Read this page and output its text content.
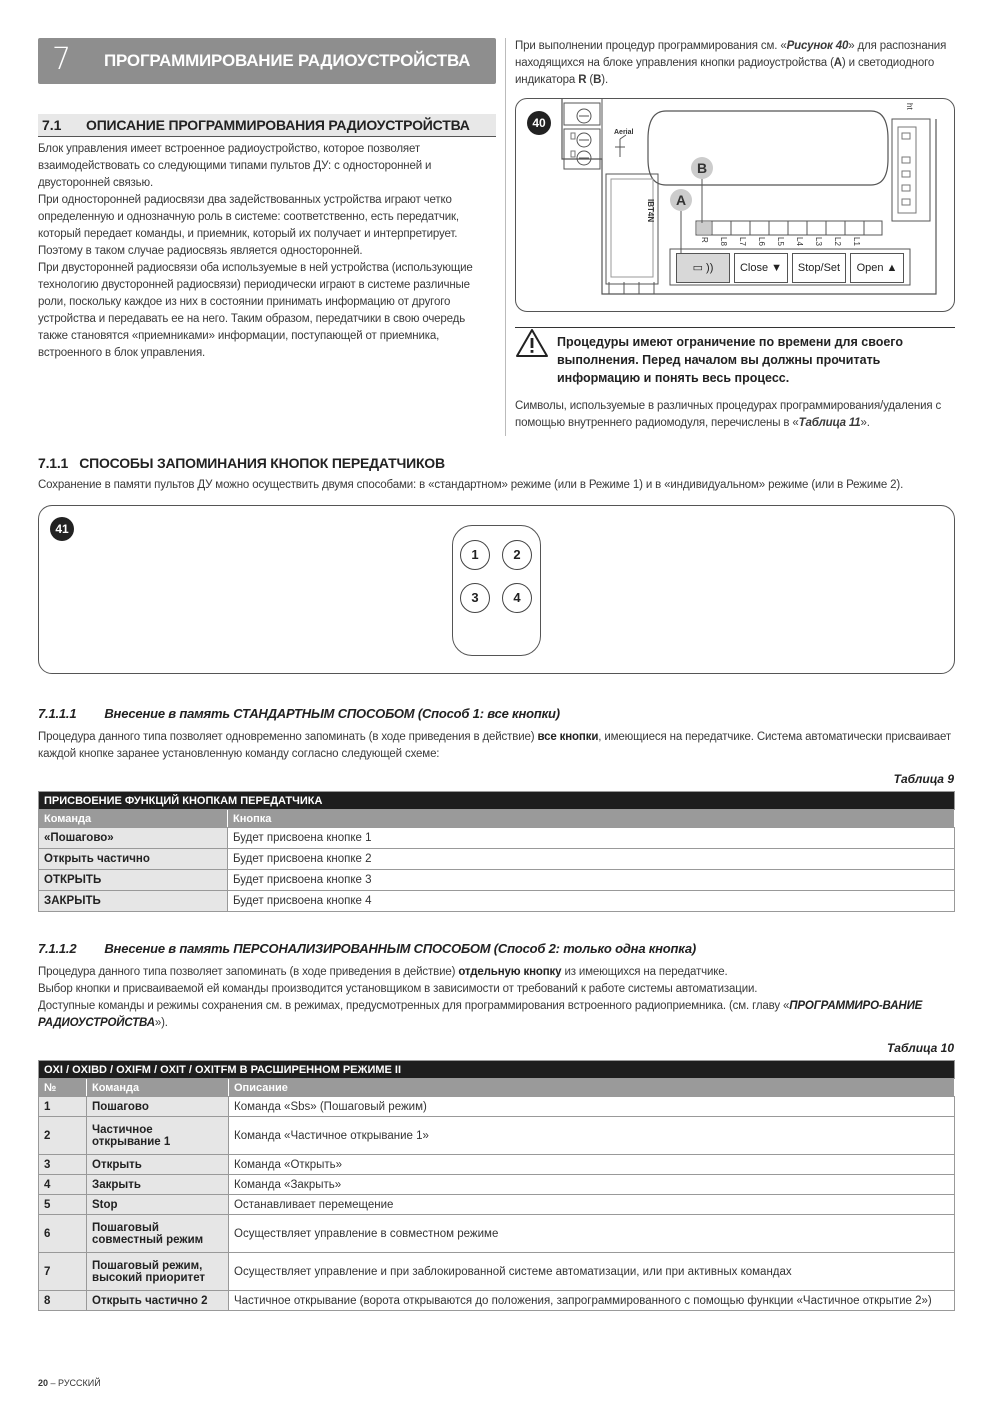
7 ПРОГРАММИРОВАНИЕ РАДИОУСТРОЙСТВА
7.1 ОПИСАНИЕ ПРОГРАММИРОВАНИЯ РАДИОУСТРОЙСТВА

Блок управления имеет встроенное радиоустройство, которое позволяет взаимодействовать со следующими типами пультов ДУ: с односторонней и двусторонней связью.

При односторонней радиосвязи два задействованных устройства играют четко определенную и однозначную роль в системе: соответственно, есть передатчик, который передает команды, и приемник, который их получает и интерпретирует. Поэтому в таком случае радиосвязь является односторонней.

При двусторонней радиосвязи оба используемые в ней устройства (использующие технологию двусторонней радиосвязи) периодически играют в системе различные роли, поскольку каждое из них в состоянии принимать информацию от другого устройства и передавать ее на него. Таким образом, передатчики в свою очередь также становятся «приемниками» информации, поступающей от приемника, встроенного в блок управления.

При выполнении процедур программирования см. «Рисунок 40» для распознания находящихся на блоке управления кнопки радиоустройства (A) и светодиодного индикатора R (B).
40
Aerial
IBT4N
ht
A
B
R L8 L7 L6 L5 L4 L3 L2 L1
▭ ))	Close ▼	Stop/Set	Open ▲
Процедуры имеют ограничение по времени для своего выполнения. Перед началом вы должны прочитать информацию и понять весь процесс.
Символы, используемые в различных процедурах программирования/удаления с помощью внутреннего радиомодуля, перечислены в «Таблица 11».
7.1.1 СПОСОБЫ ЗАПОМИНАНИЯ КНОПОК ПЕРЕДАТЧИКОВ
Сохранение в памяти пультов ДУ можно осуществить двумя способами: в «стандартном» режиме (или в Режиме 1) и в «индивидуальном» режиме (или в Режиме 2).
41
1	2
3	4
7.1.1.1 Внесение в память СТАНДАРТНЫМ СПОСОБОМ (Способ 1: все кнопки)
Процедура данного типа позволяет одновременно запоминать (в ходе приведения в действие) все кнопки, имеющиеся на передатчике. Система автоматически присваивает каждой кнопке заранее установленную команду согласно следующей схеме:
Таблица 9
ПРИСВОЕНИЕ ФУНКЦИЙ КНОПКАМ ПЕРЕДАТЧИКА	
Команда	Кнопка
«Пошагово»	Будет присвоена кнопке 1
Открыть частично	Будет присвоена кнопке 2
ОТКРЫТЬ	Будет присвоена кнопке 3
ЗАКРЫТЬ	Будет присвоена кнопке 4
7.1.1.2 Внесение в память ПЕРСОНАЛИЗИРОВАННЫМ СПОСОБОМ (Способ 2: только одна кнопка)

Процедура данного типа позволяет запоминать (в ходе приведения в действие) отдельную кнопку из имеющихся на передатчике.

Выбор кнопки и присваиваемой ей команды производится установщиком в зависимости от требований к работе системы автоматизации.

Доступные команды и режимы сохранения см. в режимах, предусмотренных для программирования встроенного радиоприемника. (см. главу «ПРОГРАММИРО-ВАНИЕ РАДИОУСТРОЙСТВА»).

Таблица 10
OXI / OXIBD / OXIFM / OXIT / OXITFM В РАСШИРЕННОМ РЕЖИМЕ II		
№	Команда	Описание
1	Пошагово	Команда «Sbs» (Пошаговый режим)
2	Частичное открывание 1	Команда «Частичное открывание 1»
3	Открыть	Команда «Открыть»
4	Закрыть	Команда «Закрыть»
5	Stop	Останавливает перемещение
6	Пошаговый совместный режим	Осуществляет управление в совместном режиме
7	Пошаговый режим, высокий приоритет	Осуществляет управление и при заблокированной системе автоматизации, или при активных командах
8	Открыть частично 2	Частичное открывание (ворота открываются до положения, запрограммированного с помощью функции «Частичное открытие 2»)
20 – РУССКИЙ
